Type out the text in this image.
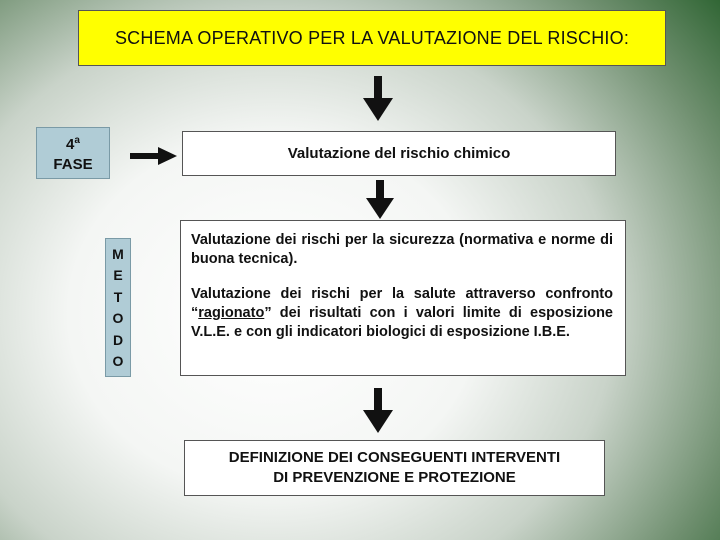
SCHEMA OPERATIVO PER LA VALUTAZIONE DEL RISCHIO:
4$^a$
FASE
Valutazione del rischio chimico
M
E
T
O
D
O

Valutazione dei rischi per la sicurezza (normativa e norme di buona tecnica).

Valutazione dei rischi per la salute attraverso confronto “ragionato” dei risultati con i valori limite di esposizione V.L.E. e con gli indicatori biologici di esposizione I.B.E.

DEFINIZIONE DEI CONSEGUENTI INTERVENTI
DI PREVENZIONE E PROTEZIONE
